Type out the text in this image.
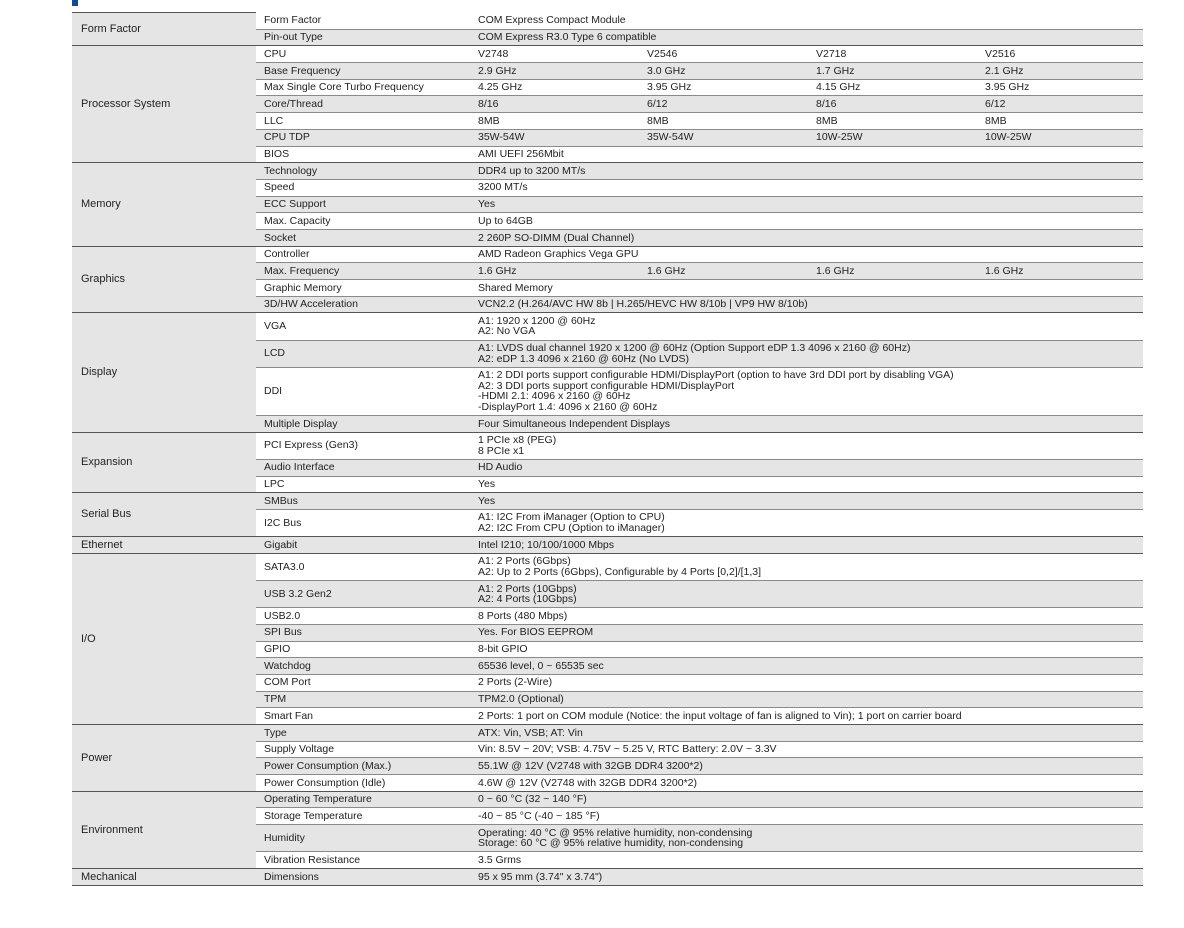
Form Factor	Form Factor	COM Express Compact Module			

	Pin-out Type	COM Express R3.0 Type 6 compatible			

Processor System	CPU	V2748	V2546	V2718	V2516
	Base Frequency	2.9 GHz	3.0 GHz	1.7 GHz	2.1 GHz
	Max Single Core Turbo Frequency	4.25 GHz	3.95 GHz	4.15 GHz	3.95 GHz
	Core/Thread	8/16	6/12	8/16	6/12
	LLC	8MB	8MB	8MB	8MB
	CPU TDP	35W-54W	35W-54W	10W-25W	10W-25W
	BIOS	AMI UEFI 256Mbit			

Memory	Technology	DDR4 up to 3200 MT/s			

	Speed	3200 MT/s			

	ECC Support	Yes			

	Max. Capacity	Up to 64GB			

	Socket	2 260P SO-DIMM (Dual Channel)			

Graphics	Controller	AMD Radeon Graphics Vega GPU			

	Max. Frequency	1.6 GHz	1.6 GHz	1.6 GHz	1.6 GHz
	Graphic Memory	Shared Memory			

	3D/HW Acceleration	VCN2.2 (H.264/AVC HW 8b | H.265/HEVC HW 8/10b | VP9 HW 8/10b)			

Display	VGA	A1: 1920 x 1200 @ 60Hz
A2: No VGA			

	LCD	A1: LVDS dual channel 1920 x 1200 @ 60Hz (Option Support eDP 1.3 4096 x 2160 @ 60Hz)
A2: eDP 1.3 4096 x 2160 @ 60Hz (No LVDS)			

	DDI	A1: 2 DDI ports support configurable HDMI/DisplayPort (option to have 3rd DDI port by disabling VGA)
A2: 3 DDI ports support configurable HDMI/DisplayPort
-HDMI 2.1: 4096 x 2160 @ 60Hz
-DisplayPort 1.4: 4096 x 2160 @ 60Hz			

	Multiple Display	Four Simultaneous Independent Displays			

Expansion	PCI Express (Gen3)	1 PCIe x8 (PEG)
8 PCIe x1			

	Audio Interface	HD Audio			

	LPC	Yes			

Serial Bus	SMBus	Yes			

	I2C Bus	A1: I2C From iManager (Option to CPU)
A2: I2C From CPU (Option to iManager)			

Ethernet	Gigabit	Intel I210; 10/100/1000 Mbps			

I/O	SATA3.0	A1: 2 Ports (6Gbps)
A2: Up to 2 Ports (6Gbps), Configurable by 4 Ports [0,2]/[1,3]			

	USB 3.2 Gen2	A1: 2 Ports (10Gbps)
A2: 4 Ports (10Gbps)			

	USB2.0	8 Ports (480 Mbps)			

	SPI Bus	Yes. For BIOS EEPROM			

	GPIO	8-bit GPIO			

	Watchdog	65536 level, 0 ~ 65535 sec			

	COM Port	2 Ports (2-Wire)			

	TPM	TPM2.0 (Optional)			

	Smart Fan	2 Ports: 1 port on COM module (Notice: the input voltage of fan is aligned to Vin); 1 port on carrier board			

Power	Type	ATX: Vin, VSB; AT: Vin			

	Supply Voltage	Vin: 8.5V ~ 20V; VSB: 4.75V ~ 5.25 V, RTC Battery: 2.0V ~ 3.3V			

	Power Consumption (Max.)	55.1W @ 12V (V2748 with 32GB DDR4 3200*2)			

	Power Consumption (Idle)	4.6W @ 12V (V2748 with 32GB DDR4 3200*2)			

Environment	Operating Temperature	0 ~ 60 °C (32 ~ 140 °F)			

	Storage Temperature	-40 ~ 85 °C (-40 ~ 185 °F)			

	Humidity	Operating: 40 °C @ 95% relative humidity, non-condensing
Storage: 60 °C @ 95% relative humidity, non-condensing			

	Vibration Resistance	3.5 Grms			

Mechanical	Dimensions	95 x 95 mm (3.74" x 3.74")			
